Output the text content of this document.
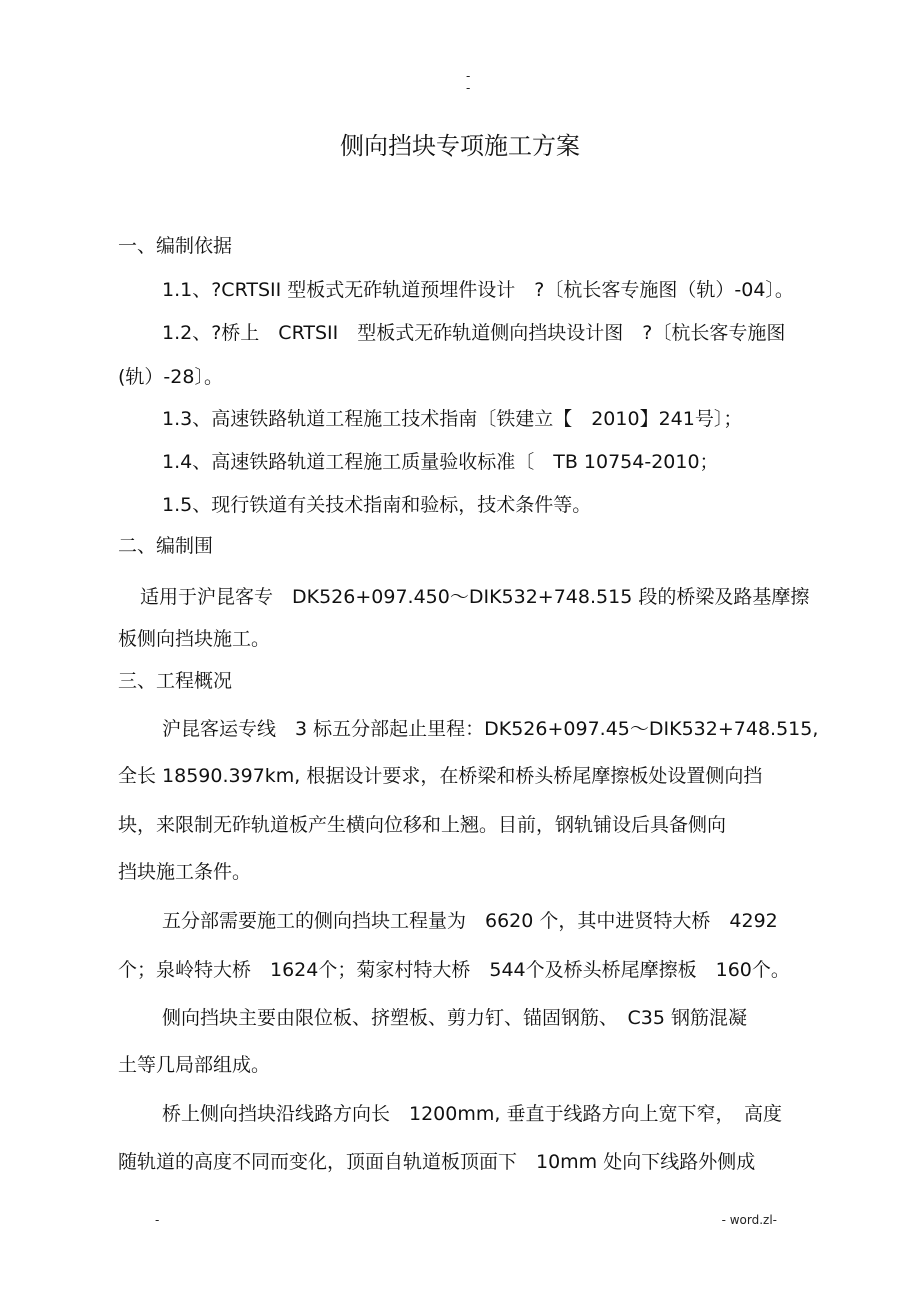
-
-
侧向挡块专项施工方案
一、编制依据
1.1、?CRTSII 型板式无砟轨道预埋件设计　?〔杭长客专施图（轨）-04〕。
1.2、?桥上　CRTSII　型板式无砟轨道侧向挡块设计图　?〔杭长客专施图
(轨）-28〕。
1.3、高速铁路轨道工程施工技术指南〔铁建立【　2010】241号〕；
1.4、高速铁路轨道工程施工质量验收标准〔　TB 10754-2010；
1.5、现行铁道有关技术指南和验标，技术条件等。
二、编制围
适用于沪昆客专　DK526+097.450～DIK532+748.515 段的桥梁及路基摩擦
板侧向挡块施工。
三、工程概况
沪昆客运专线　3 标五分部起止里程：DK526+097.45～DIK532+748.515,
全长 18590.397km, 根据设计要求，在桥梁和桥头桥尾摩擦板处设置侧向挡
块，来限制无砟轨道板产生横向位移和上翘。目前，钢轨铺设后具备侧向
挡块施工条件。
五分部需要施工的侧向挡块工程量为　6620 个，其中进贤特大桥　4292
个；泉岭特大桥　1624个；菊家村特大桥　544个及桥头桥尾摩擦板　160个。
侧向挡块主要由限位板、挤塑板、剪力钉、锚固钢筋、　C35 钢筋混凝
土等几局部组成。
桥上侧向挡块沿线路方向长　1200mm, 垂直于线路方向上宽下窄，　高度
随轨道的高度不同而变化，顶面自轨道板顶面下　10mm 处向下线路外侧成
-	- word.zl-
